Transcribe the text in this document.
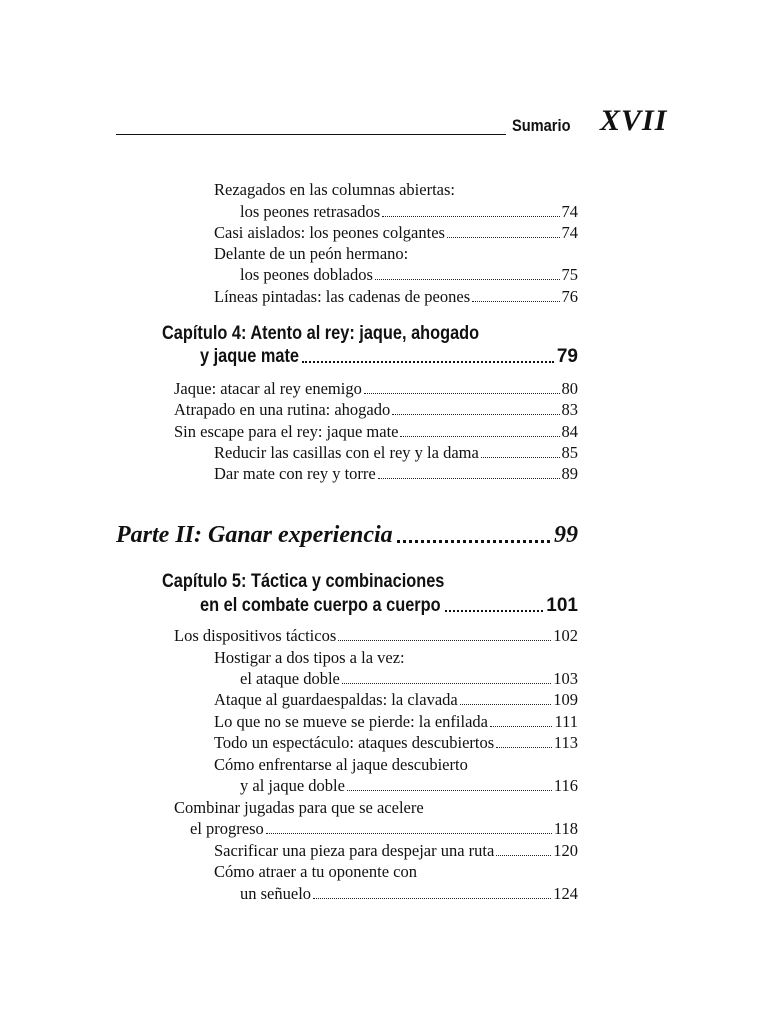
Sumario XVII
Rezagados en las columnas abiertas:
los peones retrasados	74
Casi aislados: los peones colgantes	74
Delante de un peón hermano:
los peones doblados	75
Líneas pintadas: las cadenas de peones	76
Capítulo 4: Atento al rey: jaque, ahogado
y jaque mate	79
Jaque: atacar al rey enemigo	80
Atrapado en una rutina: ahogado	83
Sin escape para el rey: jaque mate	84
Reducir las casillas con el rey y la dama	85
Dar mate con rey y torre	89
Parte II: Ganar experiencia	99
Capítulo 5: Táctica y combinaciones
en el combate cuerpo a cuerpo	101
Los dispositivos tácticos	102
Hostigar a dos tipos a la vez:
el ataque doble	103
Ataque al guardaespaldas: la clavada	109
Lo que no se mueve se pierde: la enfilada	111
Todo un espectáculo: ataques descubiertos	113
Cómo enfrentarse al jaque descubierto
y al jaque doble	116
Combinar jugadas para que se acelere
el progreso	118
Sacrificar una pieza para despejar una ruta	120
Cómo atraer a tu oponente con
un señuelo	124
